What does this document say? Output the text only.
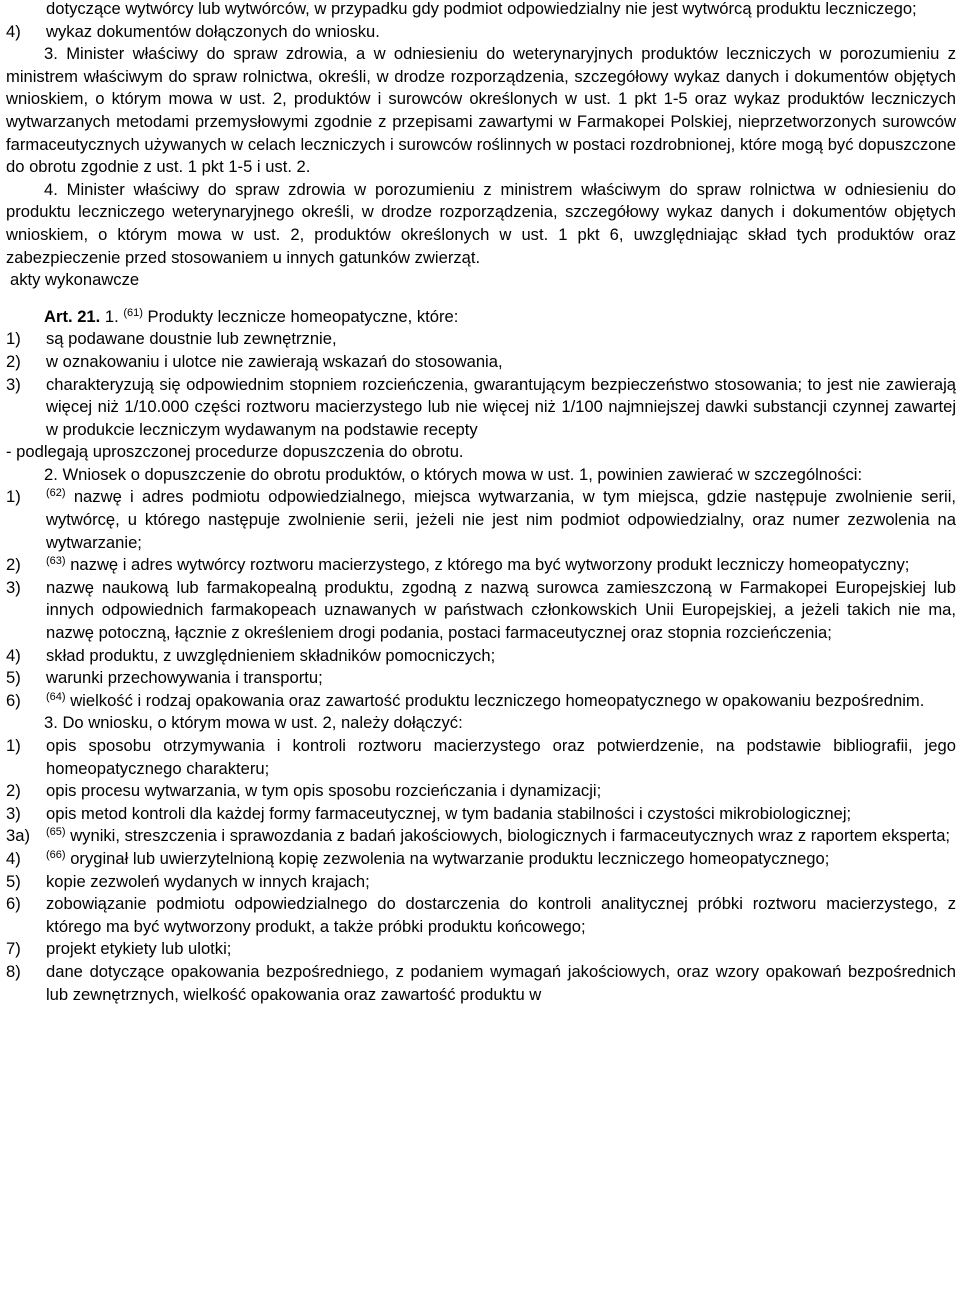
dotyczące wytwórcy lub wytwórców, w przypadku gdy podmiot odpowiedzialny nie jest wytwórcą produktu leczniczego;

4)	wykaz dokumentów dołączonych do wniosku.

3. Minister właściwy do spraw zdrowia, a w odniesieniu do weterynaryjnych produktów leczniczych w porozumieniu z ministrem właściwym do spraw rolnictwa, określi, w drodze rozporządzenia, szczegółowy wykaz danych i dokumentów objętych wnioskiem, o którym mowa w ust. 2, produktów i surowców określonych w ust. 1 pkt 1-5 oraz wykaz produktów leczniczych wytwarzanych metodami przemysłowymi zgodnie z przepisami zawartymi w Farmakopei Polskiej, nieprzetworzonych surowców farmaceutycznych używanych w celach leczniczych i surowców roślinnych w postaci rozdrobnionej, które mogą być dopuszczone do obrotu zgodnie z ust. 1 pkt 1-5 i ust. 2.

4. Minister właściwy do spraw zdrowia w porozumieniu z ministrem właściwym do spraw rolnictwa w odniesieniu do produktu leczniczego weterynaryjnego określi, w drodze rozporządzenia, szczegółowy wykaz danych i dokumentów objętych wnioskiem, o którym mowa w ust. 2, produktów określonych w ust. 1 pkt 6, uwzględniając skład tych produktów oraz zabezpieczenie przed stosowaniem u innych gatunków zwierząt.

akty wykonawcze

Art. 21. 1. $^{(61)}$ Produkty lecznicze homeopatyczne, które:

1)	są podawane doustnie lub zewnętrznie,
2)	w oznakowaniu i ulotce nie zawierają wskazań do stosowania,
3)	charakteryzują się odpowiednim stopniem rozcieńczenia, gwarantującym bezpieczeństwo stosowania; to jest nie zawierają więcej niż 1/10.000 części roztworu macierzystego lub nie więcej niż 1/100 najmniejszej dawki substancji czynnej zawartej w produkcie leczniczym wydawanym na podstawie recepty

- podlegają uproszczonej procedurze dopuszczenia do obrotu.

2. Wniosek o dopuszczenie do obrotu produktów, o których mowa w ust. 1, powinien zawierać w szczególności:

1)	$^{(62)}$ nazwę i adres podmiotu odpowiedzialnego, miejsca wytwarzania, w tym miejsca, gdzie następuje zwolnienie serii, wytwórcę, u którego następuje zwolnienie serii, jeżeli nie jest nim podmiot odpowiedzialny, oraz numer zezwolenia na wytwarzanie;
2)	$^{(63)}$ nazwę i adres wytwórcy roztworu macierzystego, z którego ma być wytworzony produkt leczniczy homeopatyczny;
3)	nazwę naukową lub farmakopealną produktu, zgodną z nazwą surowca zamieszczoną w Farmakopei Europejskiej lub innych odpowiednich farmakopeach uznawanych w państwach członkowskich Unii Europejskiej, a jeżeli takich nie ma, nazwę potoczną, łącznie z określeniem drogi podania, postaci farmaceutycznej oraz stopnia rozcieńczenia;
4)	skład produktu, z uwzględnieniem składników pomocniczych;
5)	warunki przechowywania i transportu;
6)	$^{(64)}$ wielkość i rodzaj opakowania oraz zawartość produktu leczniczego homeopatycznego w opakowaniu bezpośrednim.

3. Do wniosku, o którym mowa w ust. 2, należy dołączyć:

1)	opis sposobu otrzymywania i kontroli roztworu macierzystego oraz potwierdzenie, na podstawie bibliografii, jego homeopatycznego charakteru;
2)	opis procesu wytwarzania, w tym opis sposobu rozcieńczania i dynamizacji;
3)	opis metod kontroli dla każdej formy farmaceutycznej, w tym badania stabilności i czystości mikrobiologicznej;
3a)	$^{(65)}$ wyniki, streszczenia i sprawozdania z badań jakościowych, biologicznych i farmaceutycznych wraz z raportem eksperta;
4)	$^{(66)}$ oryginał lub uwierzytelnioną kopię zezwolenia na wytwarzanie produktu leczniczego homeopatycznego;
5)	kopie zezwoleń wydanych w innych krajach;
6)	zobowiązanie podmiotu odpowiedzialnego do dostarczenia do kontroli analitycznej próbki roztworu macierzystego, z którego ma być wytworzony produkt, a także próbki produktu końcowego;
7)	projekt etykiety lub ulotki;
8)	dane dotyczące opakowania bezpośredniego, z podaniem wymagań jakościowych, oraz wzory opakowań bezpośrednich lub zewnętrznych, wielkość opakowania oraz zawartość produktu w
